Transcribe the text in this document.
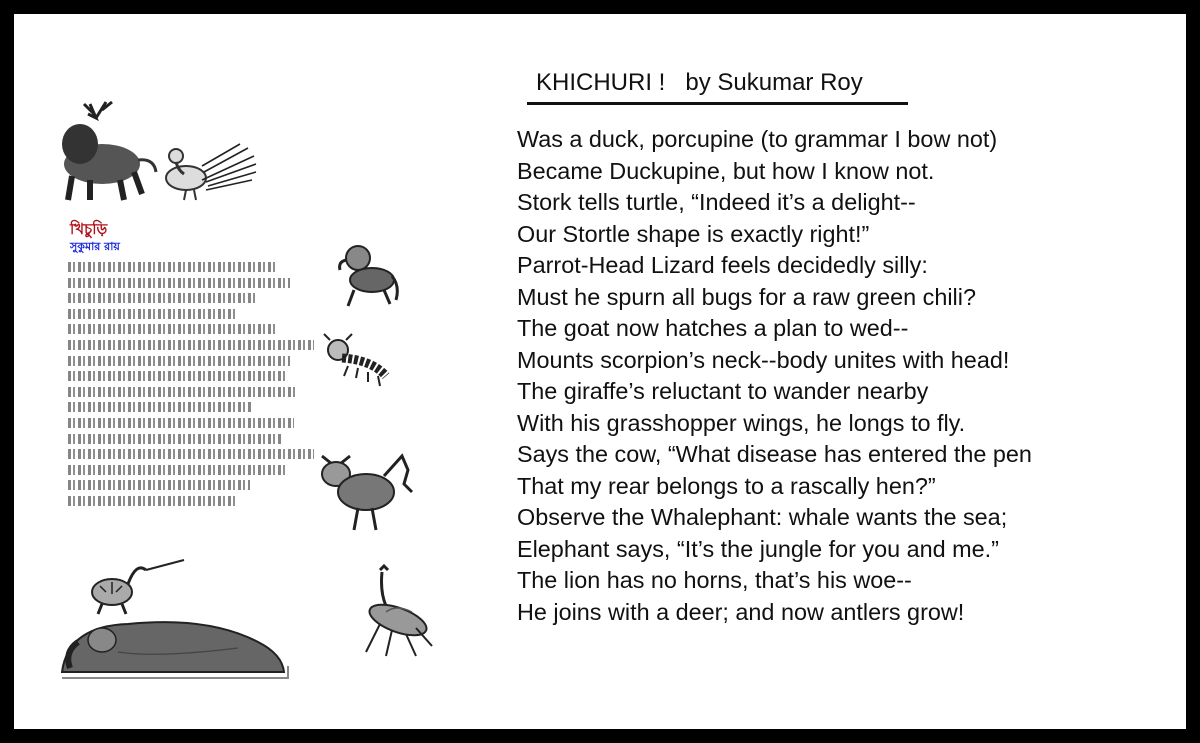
খিচুড়ি
সুকুমার রায়
KHICHURI ! by Sukumar Roy
Was a duck, porcupine (to grammar I bow not)
Became Duckupine, but how I know not.
Stork tells turtle, “Indeed it’s a delight--
Our Stortle shape is exactly right!”
Parrot-Head Lizard feels decidedly silly:
Must he spurn all bugs for a raw green chili?
The goat now hatches a plan to wed--
Mounts scorpion’s neck--body unites with head!
The giraffe’s reluctant to wander nearby
With his grasshopper wings, he longs to fly.
Says the cow, “What disease has entered the pen
That my rear belongs to a rascally hen?”
Observe the Whalephant: whale wants the sea;
Elephant says, “It’s the jungle for you and me.”
The lion has no horns, that’s his woe--
He joins with a deer; and now antlers grow!
